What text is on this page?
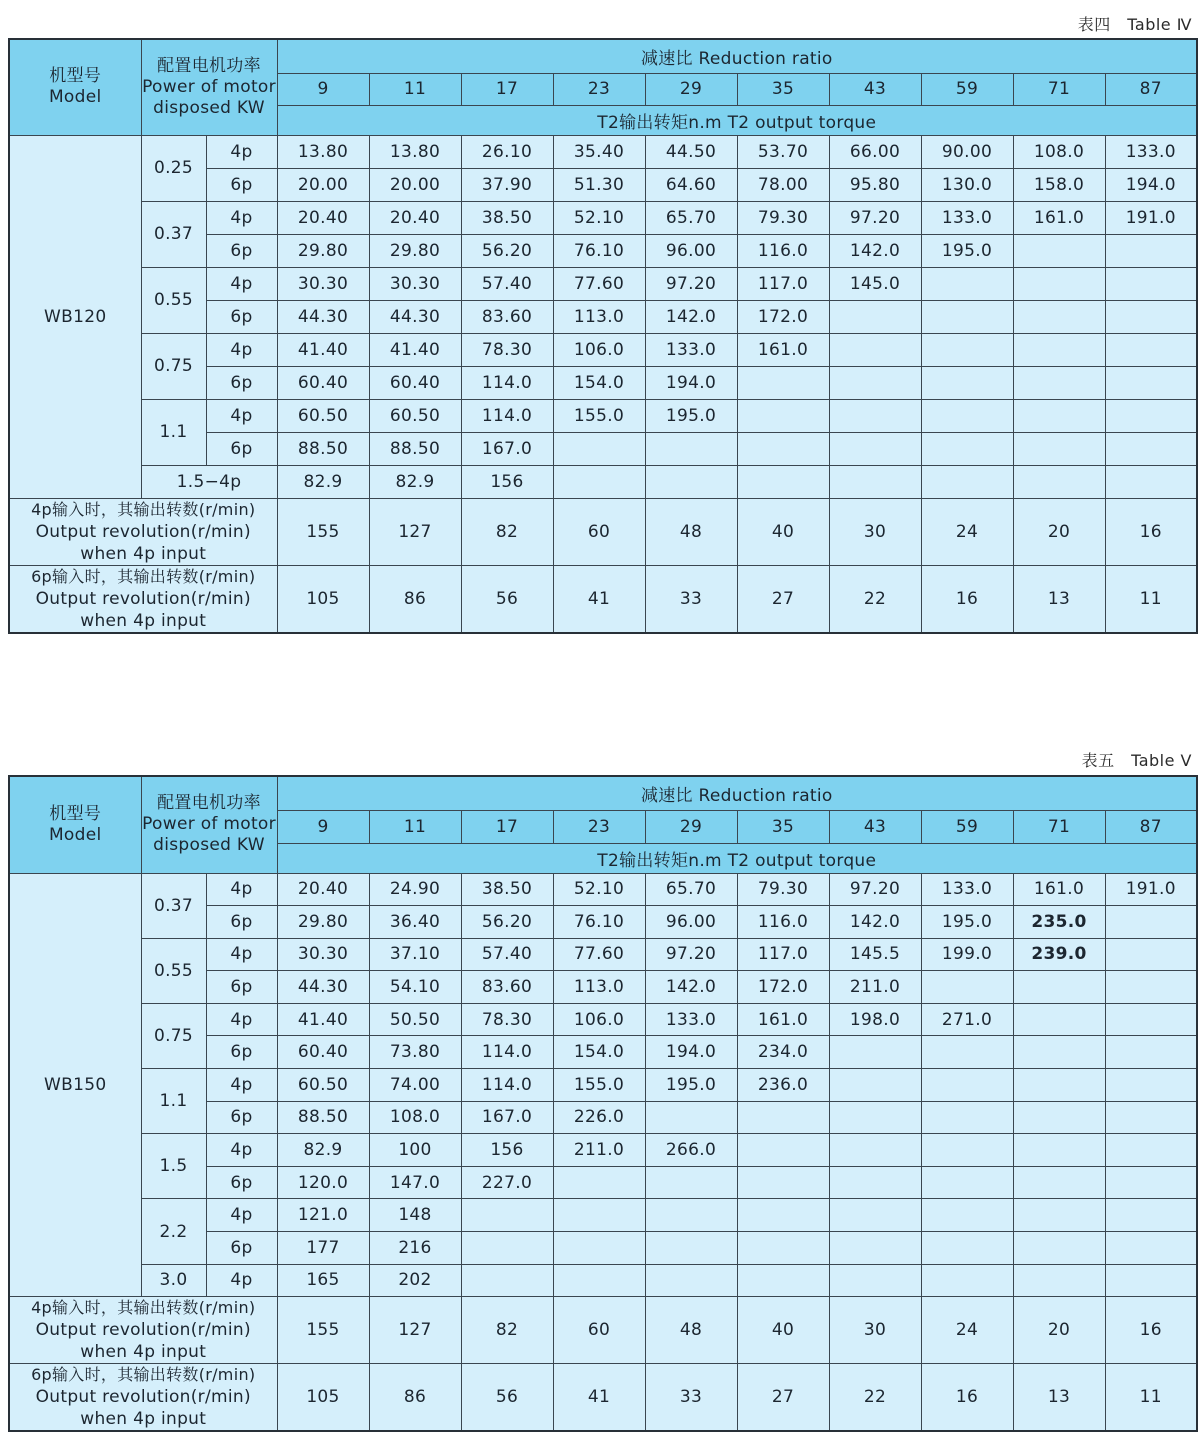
表四　Table Ⅳ
机型号
Model	配置电机功率
Power of motor
disposed KW		减速比 Reduction ratio									
			9	11	17	23	29	35	43	59	71	87
			T2输出转矩n.m T2 output torque									
WB120	0.25	4p	13.80	13.80	26.10	35.40	44.50	53.70	66.00	90.00	108.0	133.0
		6p	20.00	20.00	37.90	51.30	64.60	78.00	95.80	130.0	158.0	194.0
	0.37	4p	20.40	20.40	38.50	52.10	65.70	79.30	97.20	133.0	161.0	191.0
		6p	29.80	29.80	56.20	76.10	96.00	116.0	142.0	195.0		
	0.55	4p	30.30	30.30	57.40	77.60	97.20	117.0	145.0			
		6p	44.30	44.30	83.60	113.0	142.0	172.0				
	0.75	4p	41.40	41.40	78.30	106.0	133.0	161.0				
		6p	60.40	60.40	114.0	154.0	194.0					
	1.1	4p	60.50	60.50	114.0	155.0	195.0					
		6p	88.50	88.50	167.0							
	1.5−4p		82.9	82.9	156							

4p输入时，其输出转数(r/min)
Output revolution(r/min) when 4p input			155	127	82	60	48	40	30	24	20	16

6p输入时，其输出转数(r/min)
Output revolution(r/min) when 4p input			105	86	56	41	33	27	22	16	13	11
表五　Table Ⅴ
机型号
Model	配置电机功率
Power of motor
disposed KW		减速比 Reduction ratio									
			9	11	17	23	29	35	43	59	71	87
			T2输出转矩n.m T2 output torque									
WB150	0.37	4p	20.40	24.90	38.50	52.10	65.70	79.30	97.20	133.0	161.0	191.0
		6p	29.80	36.40	56.20	76.10	96.00	116.0	142.0	195.0	235.0	
	0.55	4p	30.30	37.10	57.40	77.60	97.20	117.0	145.5	199.0	239.0	
		6p	44.30	54.10	83.60	113.0	142.0	172.0	211.0			
	0.75	4p	41.40	50.50	78.30	106.0	133.0	161.0	198.0	271.0		
		6p	60.40	73.80	114.0	154.0	194.0	234.0				
	1.1	4p	60.50	74.00	114.0	155.0	195.0	236.0				
		6p	88.50	108.0	167.0	226.0						
	1.5	4p	82.9	100	156	211.0	266.0					
		6p	120.0	147.0	227.0							
	2.2	4p	121.0	148								
		6p	177	216								
	3.0	4p	165	202								

4p输入时，其输出转数(r/min)
Output revolution(r/min) when 4p input			155	127	82	60	48	40	30	24	20	16

6p输入时，其输出转数(r/min)
Output revolution(r/min) when 4p input			105	86	56	41	33	27	22	16	13	11
